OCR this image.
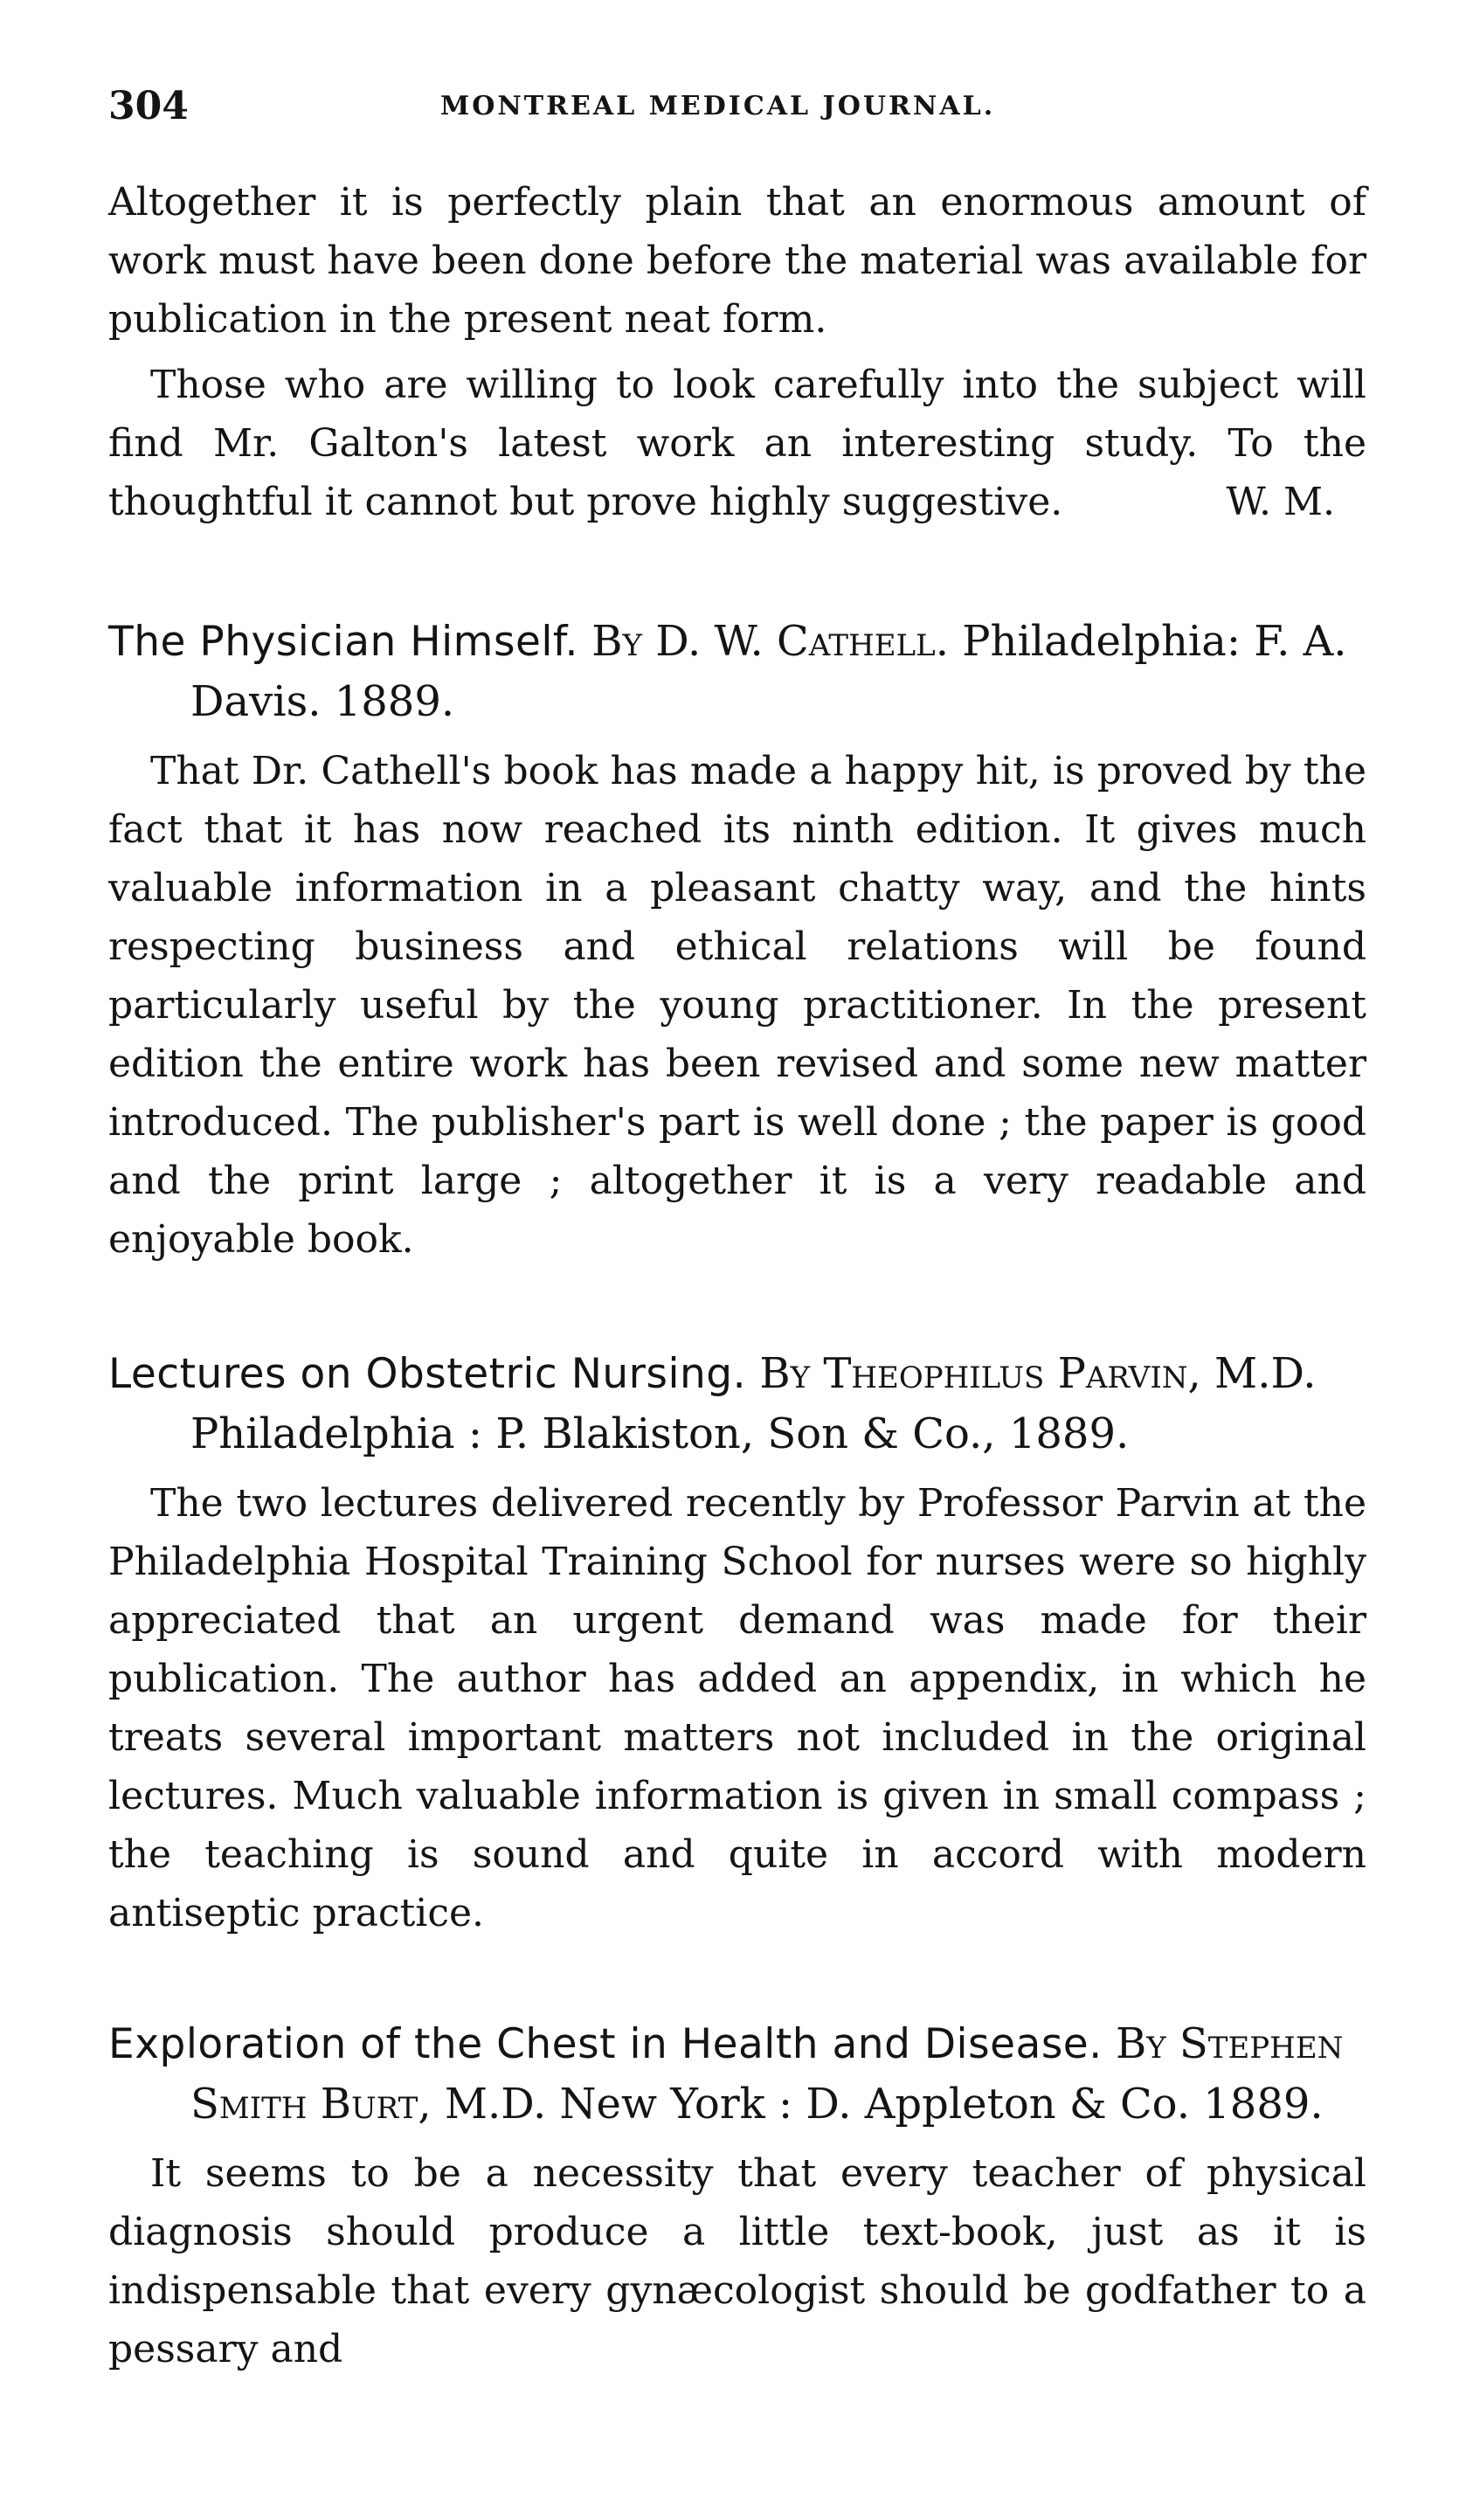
304	MONTREAL MEDICAL JOURNAL.

Altogether it is perfectly plain that an enormous amount of work must have been done before the material was available for publication in the present neat form.

Those who are willing to look carefully into the subject will find Mr. Galton's latest work an interesting study. To the thoughtful it cannot but prove highly suggestive.	W. M.

The Physician Himself. By D. W. Cathell. Philadelphia: F. A. Davis. 1889.

That Dr. Cathell's book has made a happy hit, is proved by the fact that it has now reached its ninth edition. It gives much valuable information in a pleasant chatty way, and the hints respecting business and ethical relations will be found particularly useful by the young practitioner. In the present edition the entire work has been revised and some new matter introduced. The publisher's part is well done ; the paper is good and the print large ; altogether it is a very readable and enjoyable book.

Lectures on Obstetric Nursing. By Theophilus Parvin, M.D. Philadelphia : P. Blakiston, Son & Co., 1889.

The two lectures delivered recently by Professor Parvin at the Philadelphia Hospital Training School for nurses were so highly appreciated that an urgent demand was made for their publication. The author has added an appendix, in which he treats several important matters not included in the original lectures. Much valuable information is given in small compass ; the teaching is sound and quite in accord with modern antiseptic practice.

Exploration of the Chest in Health and Disease. By Stephen Smith Burt, M.D. New York : D. Appleton & Co. 1889.

It seems to be a necessity that every teacher of physical diagnosis should produce a little text-book, just as it is indispensable that every gynæcologist should be godfather to a pessary and
